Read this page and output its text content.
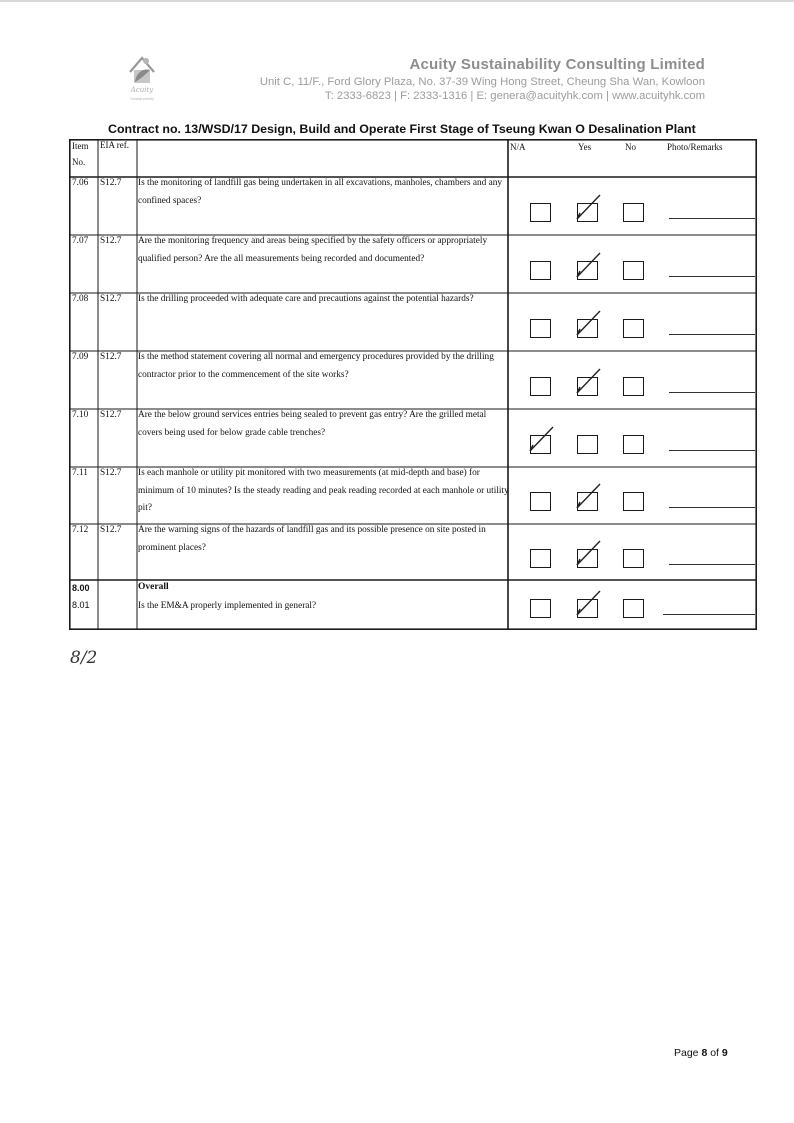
Acuity
Sustainability
Acuity Sustainability Consulting Limited
Unit C, 11/F., Ford Glory Plaza, No. 37-39 Wing Hong Street, Cheung Sha Wan, Kowloon
T: 2333-6823 | F: 2333-1316 | E: genera@acuityhk.com | www.acuityhk.com
Contract no. 13/WSD/17 Design, Build and Operate First Stage of Tseung Kwan O Desalination Plant
Item
No.
EIA ref.	N/A	Yes	No	Photo/Remarks
7.06 S12.7 Is the monitoring of landfill gas being undertaken in all excavations, manholes, chambers and any confined spaces?
7.07 S12.7 Are the monitoring frequency and areas being specified by the safety officers or appropriately qualified person? Are the all measurements being recorded and documented?
7.08 S12.7 Is the drilling proceeded with adequate care and precautions against the potential hazards?
7.09 S12.7 Is the method statement covering all normal and emergency procedures provided by the drilling contractor prior to the commencement of the site works?
7.10 S12.7 Are the below ground services entries being sealed to prevent gas entry? Are the grilled metal covers being used for below grade cable trenches?
7.11 S12.7 Is each manhole or utility pit monitored with two measurements (at mid-depth and base) for minimum of 10 minutes? Is the steady reading and peak reading recorded at each manhole or utility pit?
7.12 S12.7 Are the warning signs of the hazards of landfill gas and its possible presence on site posted in prominent places?
8.00	Overall
8.01	Is the EM&A properly implemented in general?
8/2
Page 8 of 9
